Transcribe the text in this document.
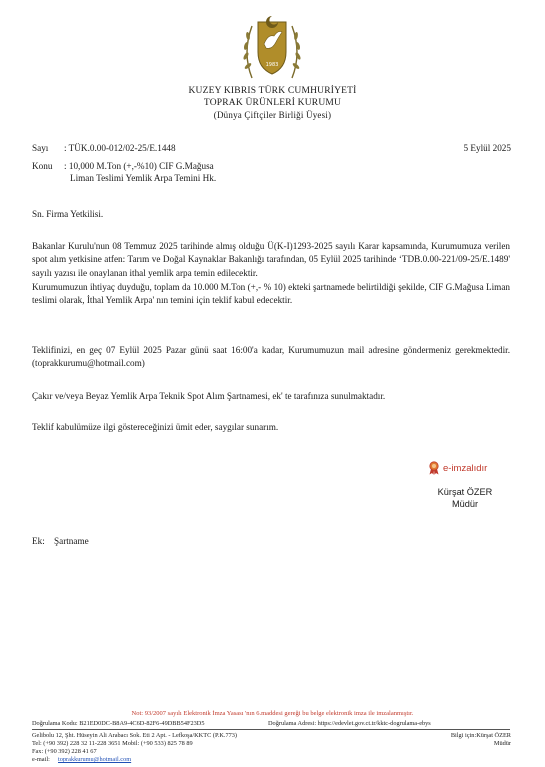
1983
KUZEY KIBRIS TÜRK CUMHURİYETİ
TOPRAK ÜRÜNLERİ KURUMU
(Dünya Çiftçiler Birliği Üyesi)
Sayı : TÜK.0.00-012/02-25/E.1448	5 Eylül 2025
Konu : 10,000 M.Ton (+,-%10) CIF G.Mağusa
Liman Teslimi Yemlik Arpa Temini Hk.
Sn. Firma Yetkilisi.
Bakanlar Kurulu'nun 08 Temmuz 2025 tarihinde almış olduğu Ü(K-I)1293-2025 sayılı Karar kapsamında, Kurumumuza verilen spot alım yetkisine atfen: Tarım ve Doğal Kaynaklar Bakanlığı tarafından, 05 Eylül 2025 tarihinde ‘TDB.0.00-221/09-25/E.1489' sayılı yazısı ile onaylanan ithal yemlik arpa temin edilecektir.
Kurumumuzun ihtiyaç duyduğu, toplam da 10.000 M.Ton (+,- % 10) ekteki şartnamede belirtildiği şekilde, CIF G.Mağusa Liman teslimi olarak, İthal Yemlik Arpa' nın temini için teklif kabul edecektir.
Teklifinizi, en geç 07 Eylül 2025 Pazar günü saat 16:00'a kadar, Kurumumuzun mail adresine göndermeniz gerekmektedir. (toprakkurumu@hotmail.com)
Çakır ve/veya Beyaz Yemlik Arpa Teknik Spot Alım Şartnamesi, ek' te tarafınıza sunulmaktadır.
Teklif kabulümüze ilgi göstereceğinizi ümit eder, saygılar sunarım.
e-imzalıdır
Kürşat ÖZER
Müdür
Ek: Şartname
Not: 93/2007 sayılı Elektronik İmza Yasası 'nın 6.maddesi gereği bu belge elektronik imza ile imzalanmıştır.
Doğrulama Kodu: B21ED0DC-B8A9-4C6D-82F6-49DBB54F23D5	Doğrulama Adresi: https://edevlet.gov.ct.tr/kktc-dogrulama-ebys
Gelibolu 12, Şht. Hüseyin Ali Arabacı Sok. Eti 2 Apt. - Lefkoşa/KKTC (P.K.773)
Tel: (+90 392) 228 32 11-228 3651 Mobil: (+90 533) 825 78 89
Fax: (+90 392) 228 41 67
e-mail: toprakkurumu@hotmail.com
Bilgi için:Kürşat ÖZER
Müdür
